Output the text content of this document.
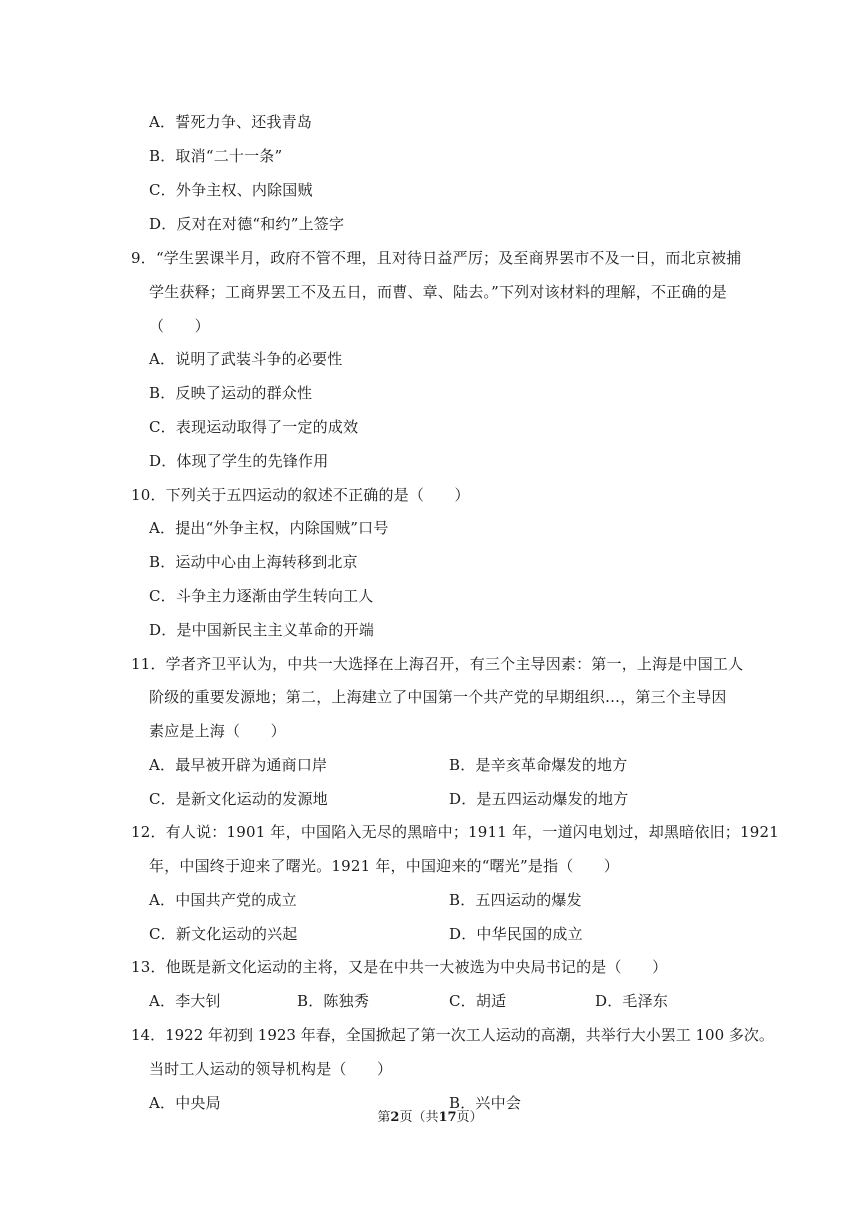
A．誓死力争、还我青岛
B．取消“二十一条”
C．外争主权、内除国贼
D．反对在对德“和约”上签字
9．“学生罢课半月，政府不管不理，且对待日益严厉；及至商界罢市不及一日，而北京被捕
学生获释；工商界罢工不及五日，而曹、章、陆去。”下列对该材料的理解，不正确的是
（　　）
A．说明了武装斗争的必要性
B．反映了运动的群众性
C．表现运动取得了一定的成效
D．体现了学生的先锋作用
10．下列关于五四运动的叙述不正确的是（　　）
A．提出“外争主权，内除国贼”口号
B．运动中心由上海转移到北京
C．斗争主力逐渐由学生转向工人
D．是中国新民主主义革命的开端
11．学者齐卫平认为，中共一大选择在上海召开，有三个主导因素：第一，上海是中国工人
阶级的重要发源地；第二，上海建立了中国第一个共产党的早期组织…，第三个主导因
素应是上海（　　）
A．最早被开辟为通商口岸	B．是辛亥革命爆发的地方
C．是新文化运动的发源地	D．是五四运动爆发的地方
12．有人说：1901 年，中国陷入无尽的黑暗中；1911 年，一道闪电划过，却黑暗依旧；1921
年，中国终于迎来了曙光。1921 年，中国迎来的“曙光”是指（　　）
A．中国共产党的成立	B．五四运动的爆发
C．新文化运动的兴起	D．中华民国的成立
13．他既是新文化运动的主将，又是在中共一大被选为中央局书记的是（　　）
A．李大钊	B．陈独秀	C．胡适	D．毛泽东
14．1922 年初到 1923 年春，全国掀起了第一次工人运动的高潮，共举行大小罢工 100 多次。
当时工人运动的领导机构是（　　）
A．中央局	B．兴中会
第2页（共17页）
